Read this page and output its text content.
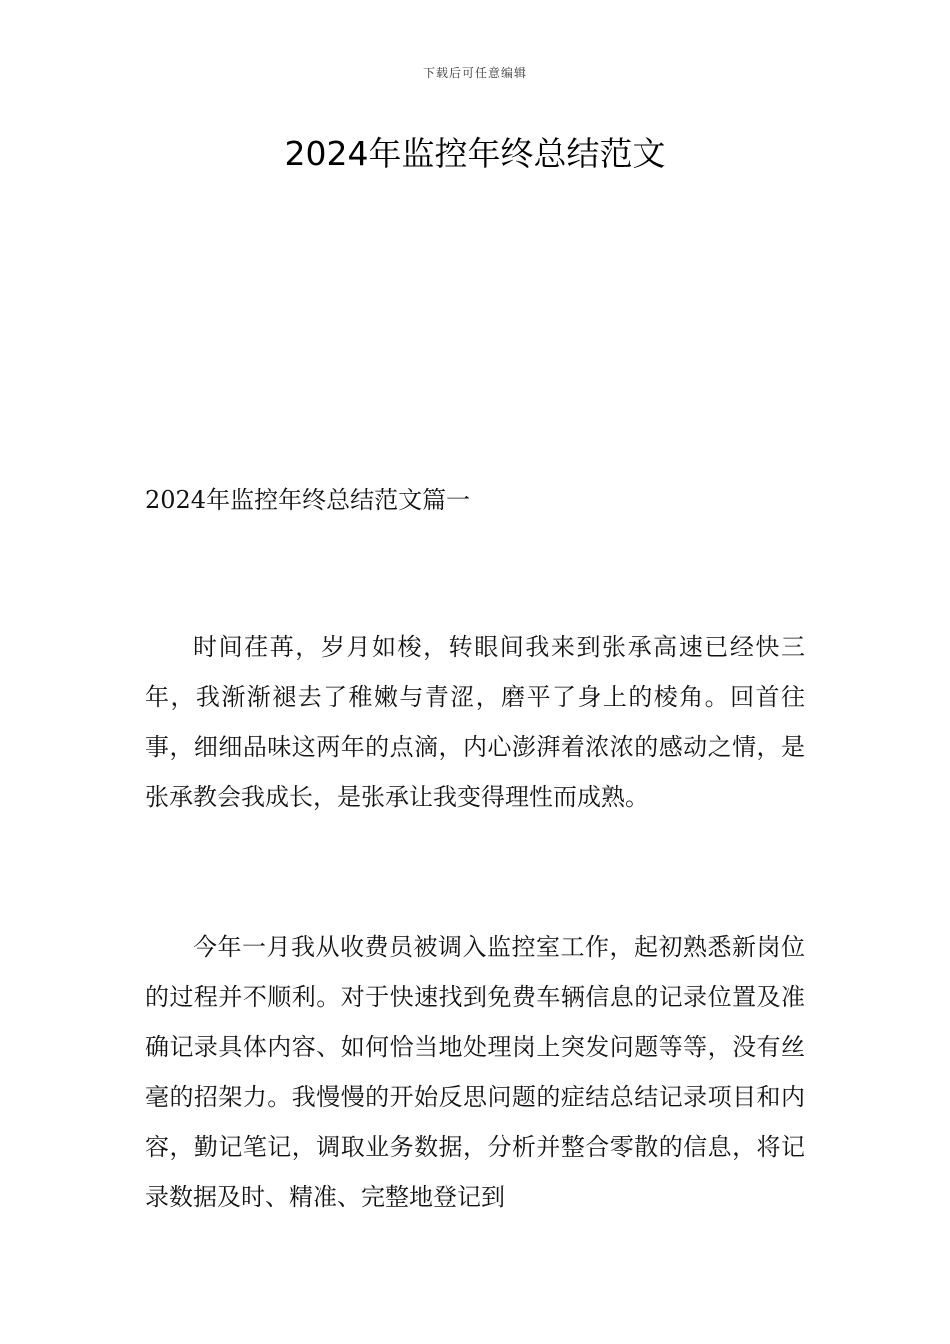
下载后可任意编辑
2024年监控年终总结范文
2024年监控年终总结范文篇一

时间荏苒，岁月如梭，转眼间我来到张承高速已经快三年，我渐渐褪去了稚嫩与青涩，磨平了身上的棱角。回首往事，细细品味这两年的点滴，内心澎湃着浓浓的感动之情，是张承教会我成长，是张承让我变得理性而成熟。

今年一月我从收费员被调入监控室工作，起初熟悉新岗位的过程并不顺利。对于快速找到免费车辆信息的记录位置及准确记录具体内容、如何恰当地处理岗上突发问题等等，没有丝毫的招架力。我慢慢的开始反思问题的症结总结记录项目和内容，勤记笔记，调取业务数据，分析并整合零散的信息，将记录数据及时、精准、完整地登记到
